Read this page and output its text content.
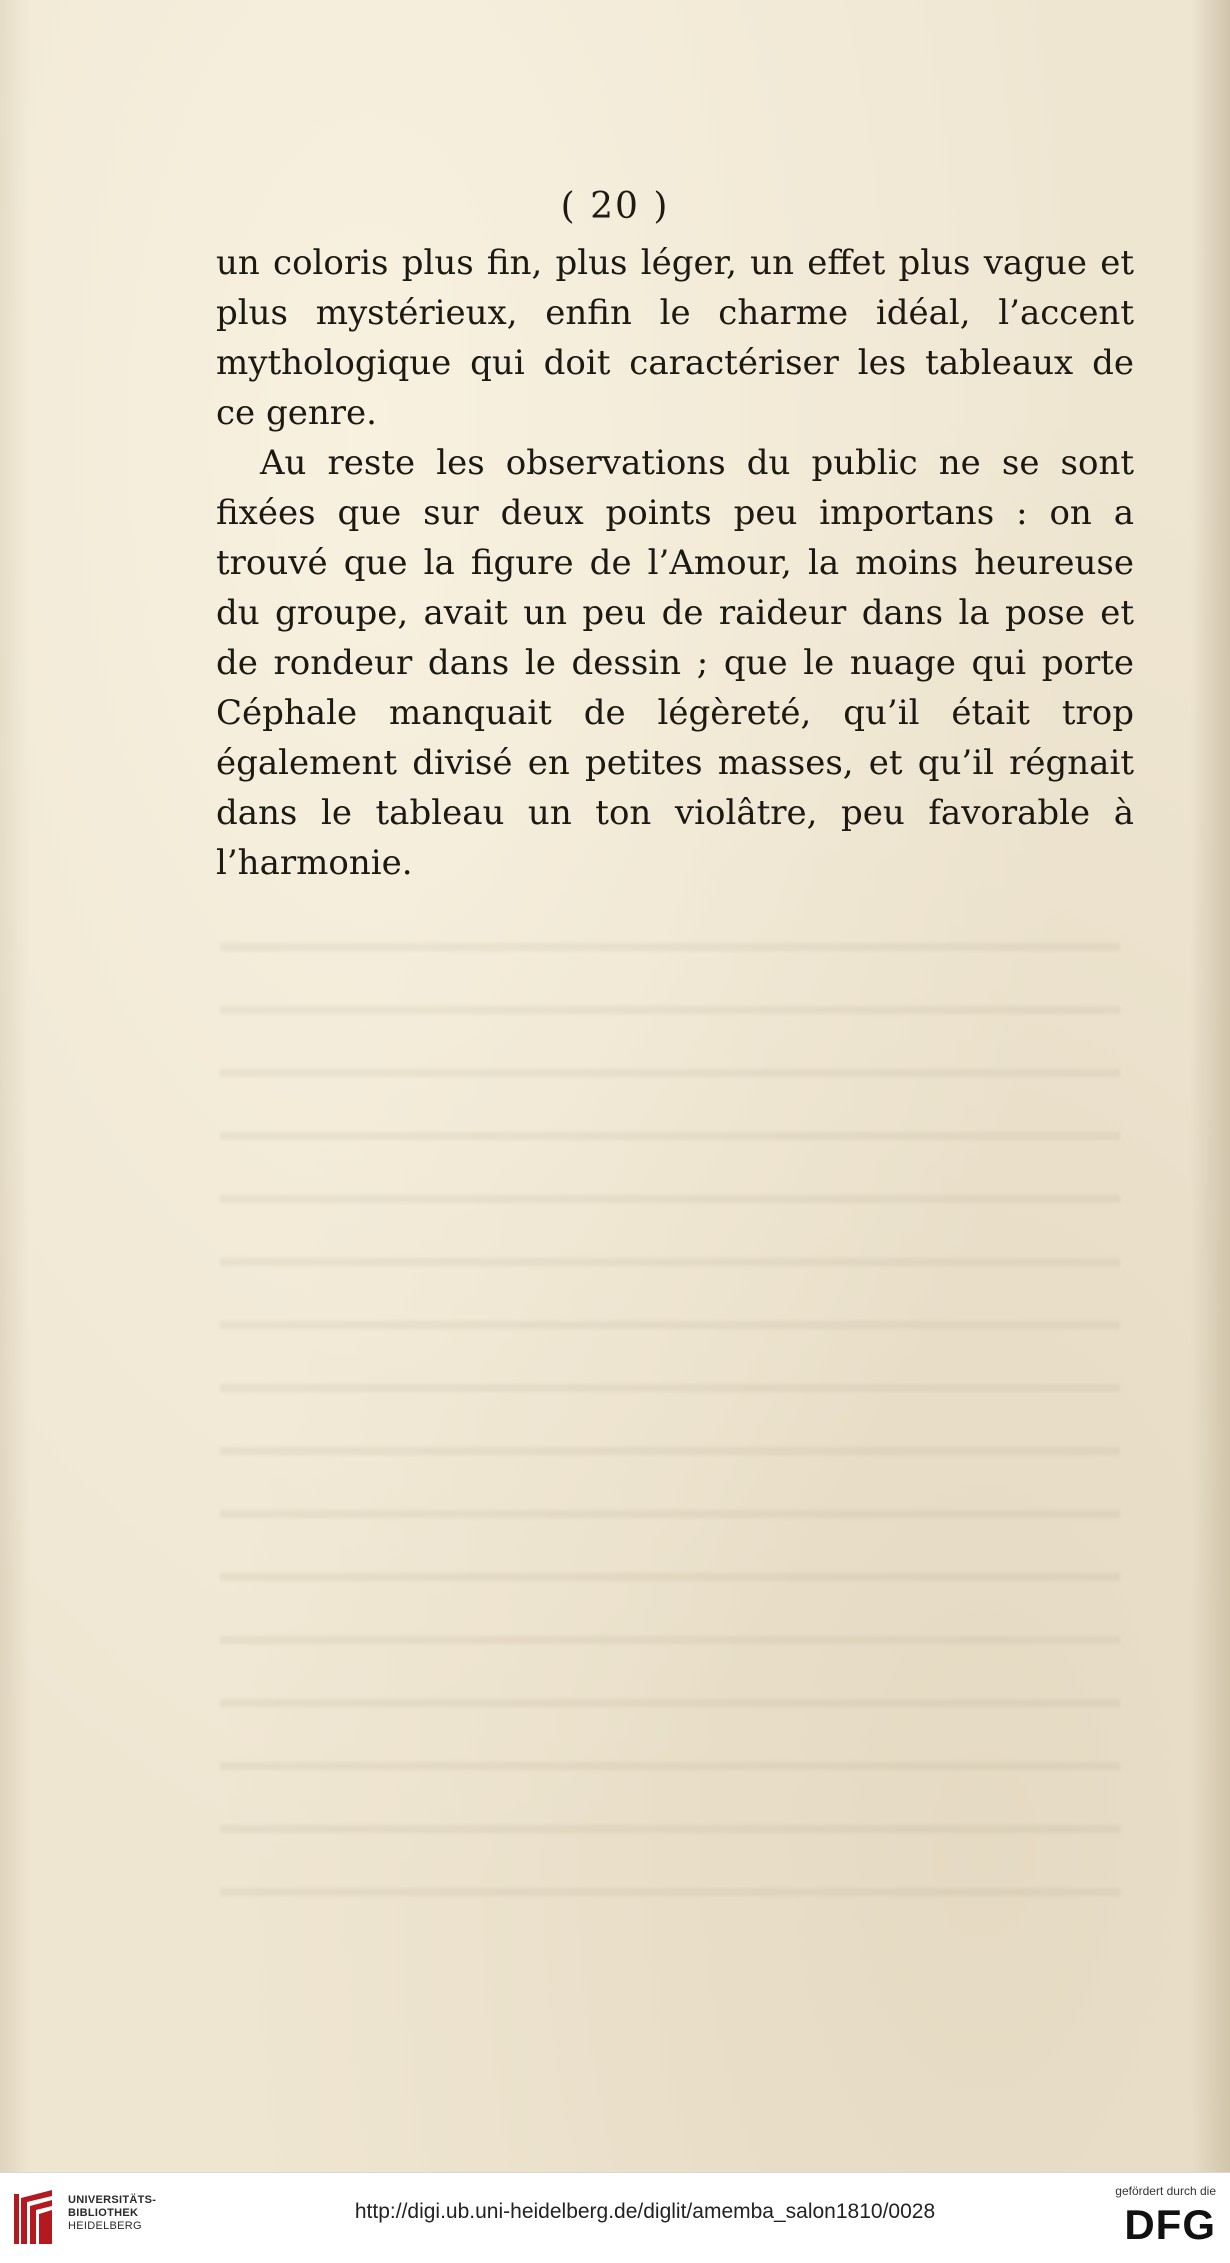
( 20 )

un coloris plus fin, plus léger, un effet plus vague et plus mystérieux, enfin le charme idéal, l’accent mythologique qui doit caractériser les tableaux de ce genre.

Au reste les observations du public ne se sont fixées que sur deux points peu importans : on a trouvé que la figure de l’Amour, la moins heureuse du groupe, avait un peu de raideur dans la pose et de rondeur dans le dessin ; que le nuage qui porte Céphale manquait de légèreté, qu’il était trop également divisé en petites masses, et qu’il régnait dans le tableau un ton violâtre, peu favorable à l’harmonie.

UNIVERSITÄTS-
BIBLIOTHEK
HEIDELBERG
http://digi.ub.uni-heidelberg.de/diglit/amemba_salon1810/0028
gefördert durch die
DFG
